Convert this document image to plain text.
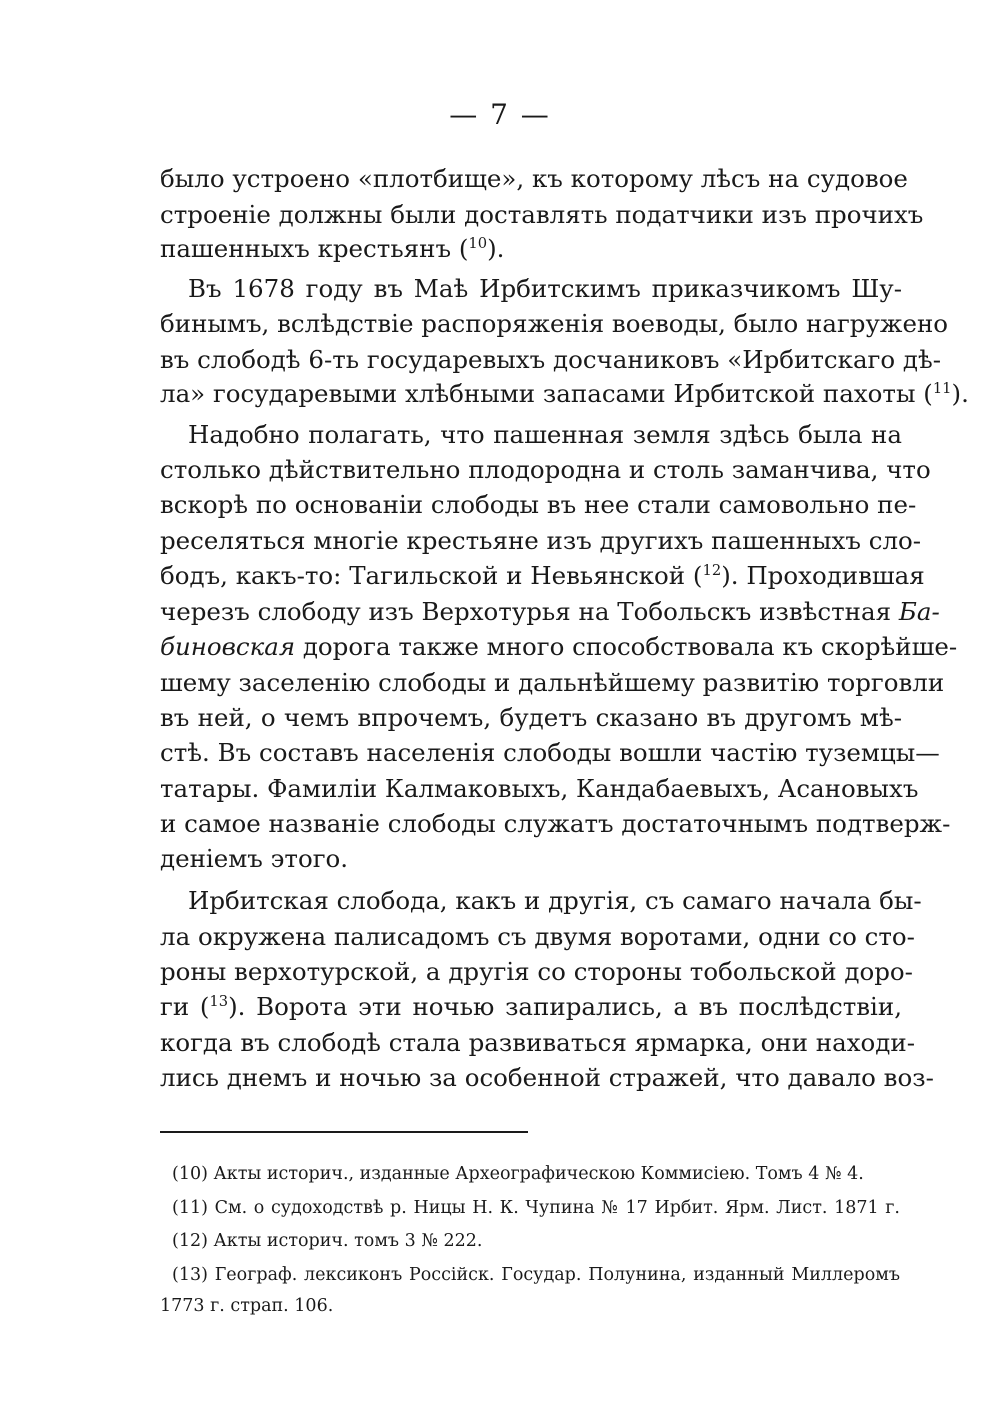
— 7 —
было устроено «плотбище», къ которому лѣсъ на судовое
строеніе должны были доставлять податчики изъ прочихъ
пашенныхъ крестьянъ ($^{10}$).
Въ 1678 году въ Маѣ Ирбитскимъ приказчикомъ Шу-
бинымъ, вслѣдствіе распоряженія воеводы, было нагружено
въ слободѣ 6-ть государевыхъ досчаниковъ «Ирбитскаго дѣ-
ла» государевыми хлѣбными запасами Ирбитской пахоты ($^{11}$).
Надобно полагать, что пашенная земля здѣсь была на
столько дѣйствительно плодородна и столь заманчива, что
вскорѣ по основаніи слободы въ нее стали самовольно пе-
реселяться многіе крестьяне изъ другихъ пашенныхъ сло-
бодъ, какъ-то: Тагильской и Невьянской ($^{12}$). Проходившая
черезъ слободу изъ Верхотурья на Тобольскъ извѣстная Ба-
биновская дорога также много способствовала къ скорѣйше-
шему заселенію слободы и дальнѣйшему развитію торговли
въ ней, о чемъ впрочемъ, будетъ сказано въ другомъ мѣ-
стѣ. Въ составъ населенія слободы вошли частію туземцы—
татары. Фамиліи Калмаковыхъ, Кандабаевыхъ, Асановыхъ
и самое названіе слободы служатъ достаточнымъ подтверж-
деніемъ этого.
Ирбитская слобода, какъ и другія, съ самаго начала бы-
ла окружена палисадомъ съ двумя воротами, одни со сто-
роны верхотурской, а другія со стороны тобольской доро-
ги ($^{13}$). Ворота эти ночью запирались, а въ послѣдствіи,
когда въ слободѣ стала развиваться ярмарка, они находи-
лись днемъ и ночью за особенной стражей, что давало воз-
(10) Акты историч., изданные Археографическою Коммисіею. Томъ 4 № 4.
(11) См. о судоходствѣ р. Ницы Н. К. Чупина № 17 Ирбит. Ярм. Лист. 1871 г.
(12) Акты историч. томъ 3 № 222.
(13) Географ. лексиконъ Россійск. Государ. Полунина, изданный Миллеромъ
1773 г. страп. 106.
